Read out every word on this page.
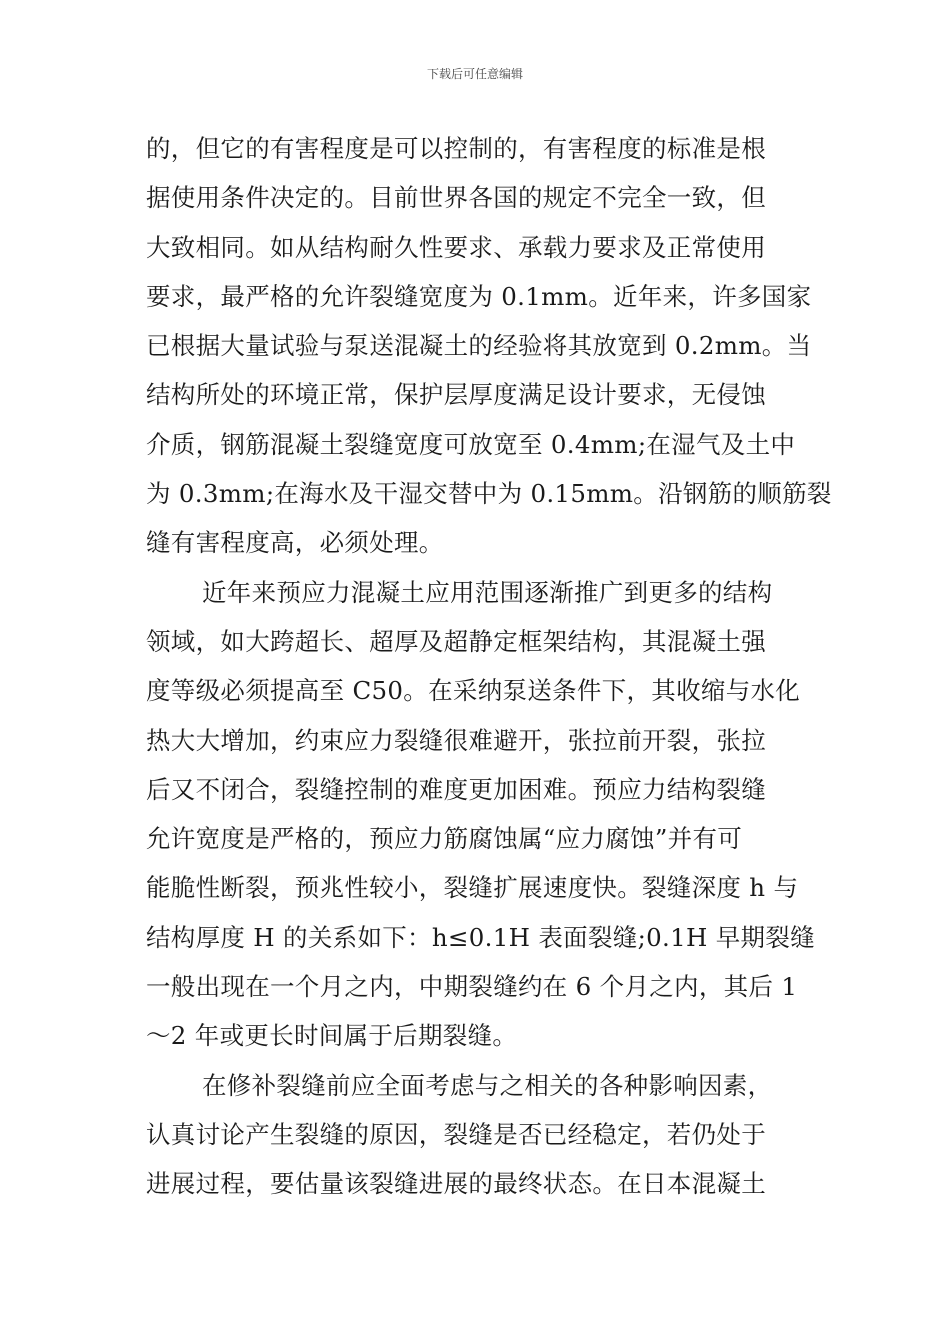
下载后可任意编辑
的，但它的有害程度是可以控制的，有害程度的标准是根
据使用条件决定的。目前世界各国的规定不完全一致，但
大致相同。如从结构耐久性要求、承载力要求及正常使用
要求，最严格的允许裂缝宽度为 0.1mm。近年来，许多国家
已根据大量试验与泵送混凝土的经验将其放宽到 0.2mm。当
结构所处的环境正常，保护层厚度满足设计要求，无侵蚀
介质，钢筋混凝土裂缝宽度可放宽至 0.4mm;在湿气及土中
为 0.3mm;在海水及干湿交替中为 0.15mm。沿钢筋的顺筋裂
缝有害程度高，必须处理。
近年来预应力混凝土应用范围逐渐推广到更多的结构
领域，如大跨超长、超厚及超静定框架结构，其混凝土强
度等级必须提高至 C50。在采纳泵送条件下，其收缩与水化
热大大增加，约束应力裂缝很难避开，张拉前开裂，张拉
后又不闭合，裂缝控制的难度更加困难。预应力结构裂缝
允许宽度是严格的，预应力筋腐蚀属“应力腐蚀”并有可
能脆性断裂，预兆性较小，裂缝扩展速度快。裂缝深度 h 与
结构厚度 H 的关系如下：h≤0.1H 表面裂缝;0.1H 早期裂缝
一般出现在一个月之内，中期裂缝约在 6 个月之内，其后 1
～2 年或更长时间属于后期裂缝。
在修补裂缝前应全面考虑与之相关的各种影响因素，
认真讨论产生裂缝的原因，裂缝是否已经稳定，若仍处于
进展过程，要估量该裂缝进展的最终状态。在日本混凝土
